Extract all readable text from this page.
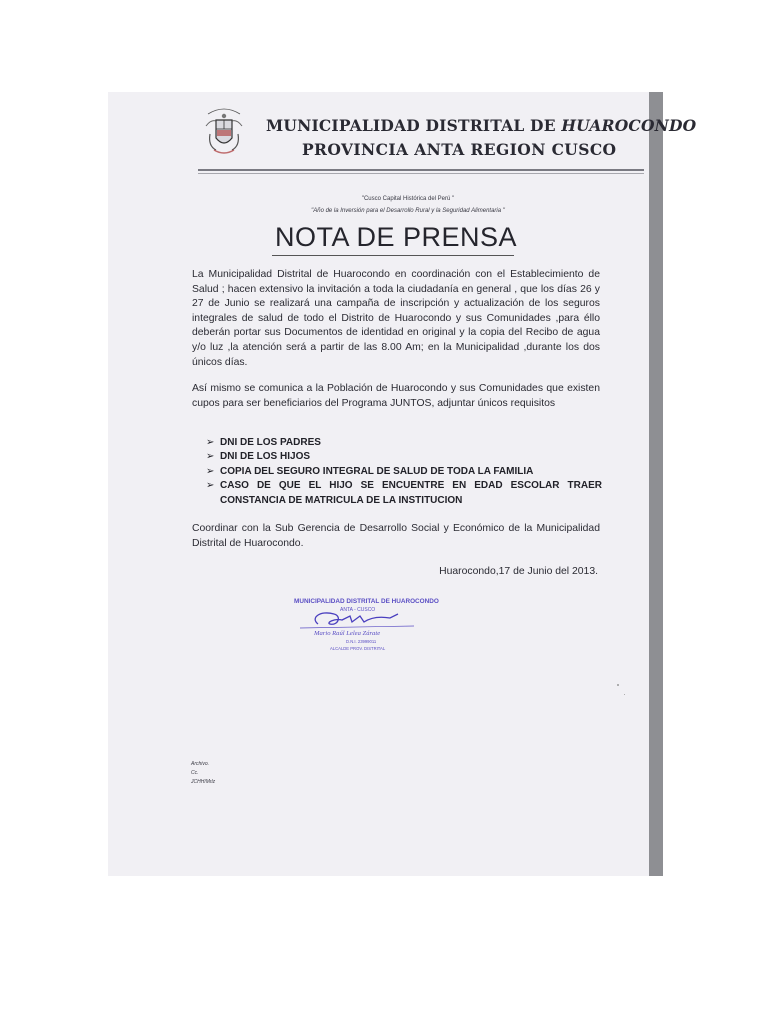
MUNICIPALIDAD DISTRITAL DE HUAROCONDO
PROVINCIA ANTA REGION CUSCO
"Cusco Capital Histórica del Perú "
"Año de la Inversión para el Desarrollo Rural y la Seguridad Alimentaria "
NOTA DE PRENSA
La Municipalidad Distrital de Huarocondo en coordinación con el Establecimiento de Salud ; hacen extensivo la invitación a toda la ciudadanía en general , que los días 26 y 27 de Junio se realizará una campaña de inscripción y actualización de los seguros integrales de salud de todo el Distrito de Huarocondo y sus Comunidades ,para éllo deberán portar sus Documentos de identidad en original y la copia del Recibo de agua y/o luz ,la atención será a partir de las 8.00 Am; en la Municipalidad ,durante los dos únicos días.
Así mismo se comunica a la Población de Huarocondo y sus Comunidades que existen cupos para ser beneficiarios del Programa JUNTOS, adjuntar únicos requisitos
➢ DNI DE LOS PADRES
➢ DNI DE LOS HIJOS
➢ COPIA DEL SEGURO INTEGRAL DE SALUD DE TODA LA FAMILIA
➢ CASO DE QUE EL HIJO SE ENCUENTRE EN EDAD ESCOLAR TRAER CONSTANCIA DE MATRICULA DE LA INSTITUCION
Coordinar con la Sub Gerencia de Desarrollo Social y Económico de la Municipalidad Distrital de Huarocondo.
Huarocondo,17 de Junio del 2013.
MUNICIPALIDAD DISTRITAL DE HUAROCONDO
ANTA - CUSCO
Mario Raúl Lelea Zárate
D.N.I. 23999011
ALCALDE PROV. DISTRITAL
Archivo.
Cc.
JCHH/Mrlz
